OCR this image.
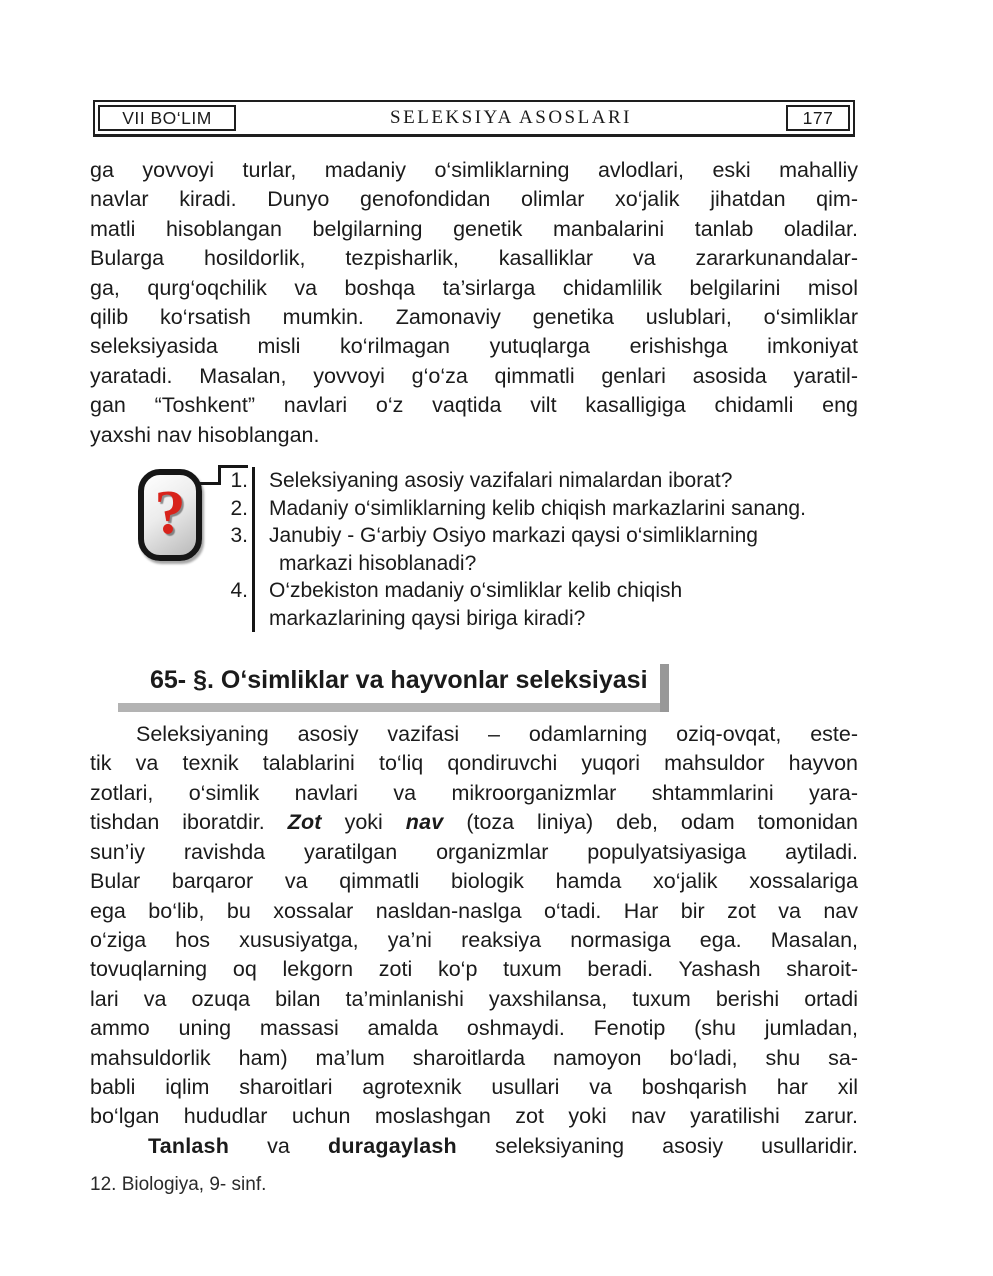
VII BO‘LIM	SELEKSIYA ASOSLARI	177
ga yovvoyi turlar, madaniy o‘simliklarning avlodlari, eski mahalliy
navlar kiradi. Dunyo genofondidan olimlar xo‘jalik jihatdan qim-
matli hisoblangan belgilarning genetik manbalarini tanlab oladilar.
Bularga hosildorlik, tezpisharlik, kasalliklar va zararkunandalar-
ga, qurg‘oqchilik va boshqa ta’sirlarga chidamlilik belgilarini misol
qilib ko‘rsatish mumkin. Zamonaviy genetika uslublari, o‘simliklar
seleksiyasida misli ko‘rilmagan yutuqlarga erishishga imkoniyat
yaratadi. Masalan, yovvoyi g‘o‘za qimmatli genlari asosida yaratil-
gan “Toshkent” navlari o‘z vaqtida vilt kasalligiga chidamli eng
yaxshi nav hisoblangan.
?	1.	Seleksiyaning asosiy vazifalari nimalardan iborat?
2.	Madaniy o‘simliklarning kelib chiqish markazlarini sanang.
3. Janubiy - G‘arbiy Osiyo markazi qaysi o‘simliklarning
markazi hisoblanadi?
4. O‘zbekiston madaniy o‘simliklar kelib chiqish
markazlarining qaysi biriga kiradi?
65- §. O‘simliklar va hayvonlar seleksiyasi
Seleksiyaning asosiy vazifasi – odamlarning oziq-ovqat, este-
tik va texnik talablarini to‘liq qondiruvchi yuqori mahsuldor hayvon
zotlari, o‘simlik navlari va mikroorganizmlar shtammlarini yara-
tishdan iboratdir. Zot yoki nav (toza liniya) deb, odam tomonidan
sun’iy ravishda yaratilgan organizmlar populyatsiyasiga aytiladi.
Bular barqaror va qimmatli biologik hamda xo‘jalik xossalariga
ega bo‘lib, bu xossalar nasldan-naslga o‘tadi. Har bir zot va nav
o‘ziga hos xususiyatga, ya’ni reaksiya normasiga ega. Masalan,
tovuqlarning oq lekgorn zoti ko‘p tuxum beradi. Yashash sharoit-
lari va ozuqa bilan ta’minlanishi yaxshilansa, tuxum berishi ortadi
ammo uning massasi amalda oshmaydi. Fenotip (shu jumladan,
mahsuldorlik ham) ma’lum sharoitlarda namoyon bo‘ladi, shu sa-
babli iqlim sharoitlari agrotexnik usullari va boshqarish har xil
bo‘lgan hududlar uchun moslashgan zot yoki nav yaratilishi zarur.
Tanlash va duragaylash seleksiyaning asosiy usullaridir.
12. Biologiya, 9- sinf.
